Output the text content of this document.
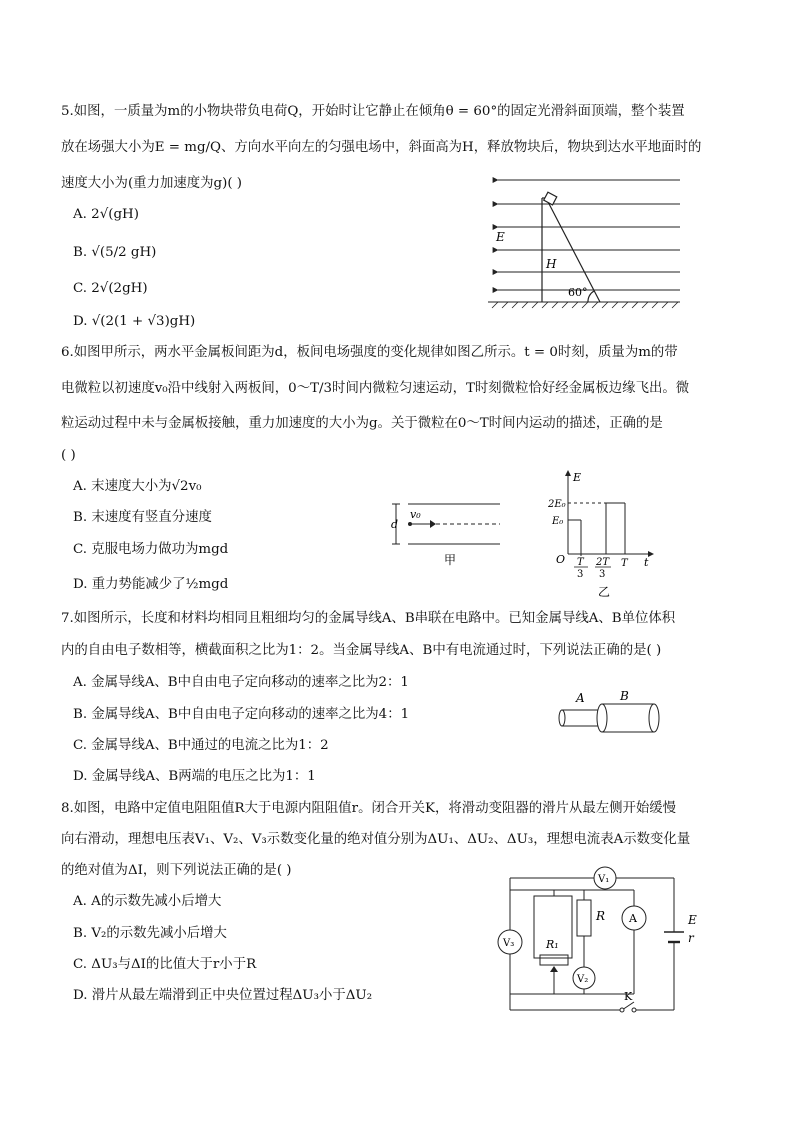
5.如图，一质量为m的小物块带负电荷Q，开始时让它静止在倾角θ = 60°的固定光滑斜面顶端，整个装置
放在场强大小为E = mg/Q、方向水平向左的匀强电场中，斜面高为H，释放物块后，物块到达水平地面时的
速度大小为(重力加速度为g)( )
A. 2√(gH)
B. √(5/2 gH)
C. 2√(2gH)
D. √(2(1 + √3)gH)
E
H
60°
6.如图甲所示，两水平金属板间距为d，板间电场强度的变化规律如图乙所示。t = 0时刻，质量为m的带
电微粒以初速度v₀沿中线射入两板间，0～T/3时间内微粒匀速运动，T时刻微粒恰好经金属板边缘飞出。微
粒运动过程中未与金属板接触，重力加速度的大小为g。关于微粒在0～T时间内运动的描述，正确的是
( )
A. 末速度大小为√2v₀
B. 末速度有竖直分速度
C. 克服电场力做功为mgd
D. 重力势能减少了½mgd
v₀
d
甲
E
2E₀
E₀
O T
3
2T
3
T t
乙
7.如图所示，长度和材料均相同且粗细均匀的金属导线A、B串联在电路中。已知金属导线A、B单位体积
内的自由电子数相等，横截面积之比为1：2。当金属导线A、B中有电流通过时，下列说法正确的是( )
A. 金属导线A、B中自由电子定向移动的速率之比为2：1
B. 金属导线A、B中自由电子定向移动的速率之比为4：1
C. 金属导线A、B中通过的电流之比为1：2
D. 金属导线A、B两端的电压之比为1：1
A	B
8.如图，电路中定值电阻阻值R大于电源内阻阻值r。闭合开关K，将滑动变阻器的滑片从最左侧开始缓慢
向右滑动，理想电压表V₁、V₂、V₃示数变化量的绝对值分别为ΔU₁、ΔU₂、ΔU₃，理想电流表A示数变化量
的绝对值为ΔI，则下列说法正确的是( )
A. A的示数先减小后增大
B. V₂的示数先减小后增大
C. ΔU₃与ΔI的比值大于r小于R
D. 滑片从最左端滑到正中央位置过程ΔU₃小于ΔU₂
V₁
A
V₃
V₂
R
R₁
E
r
K
